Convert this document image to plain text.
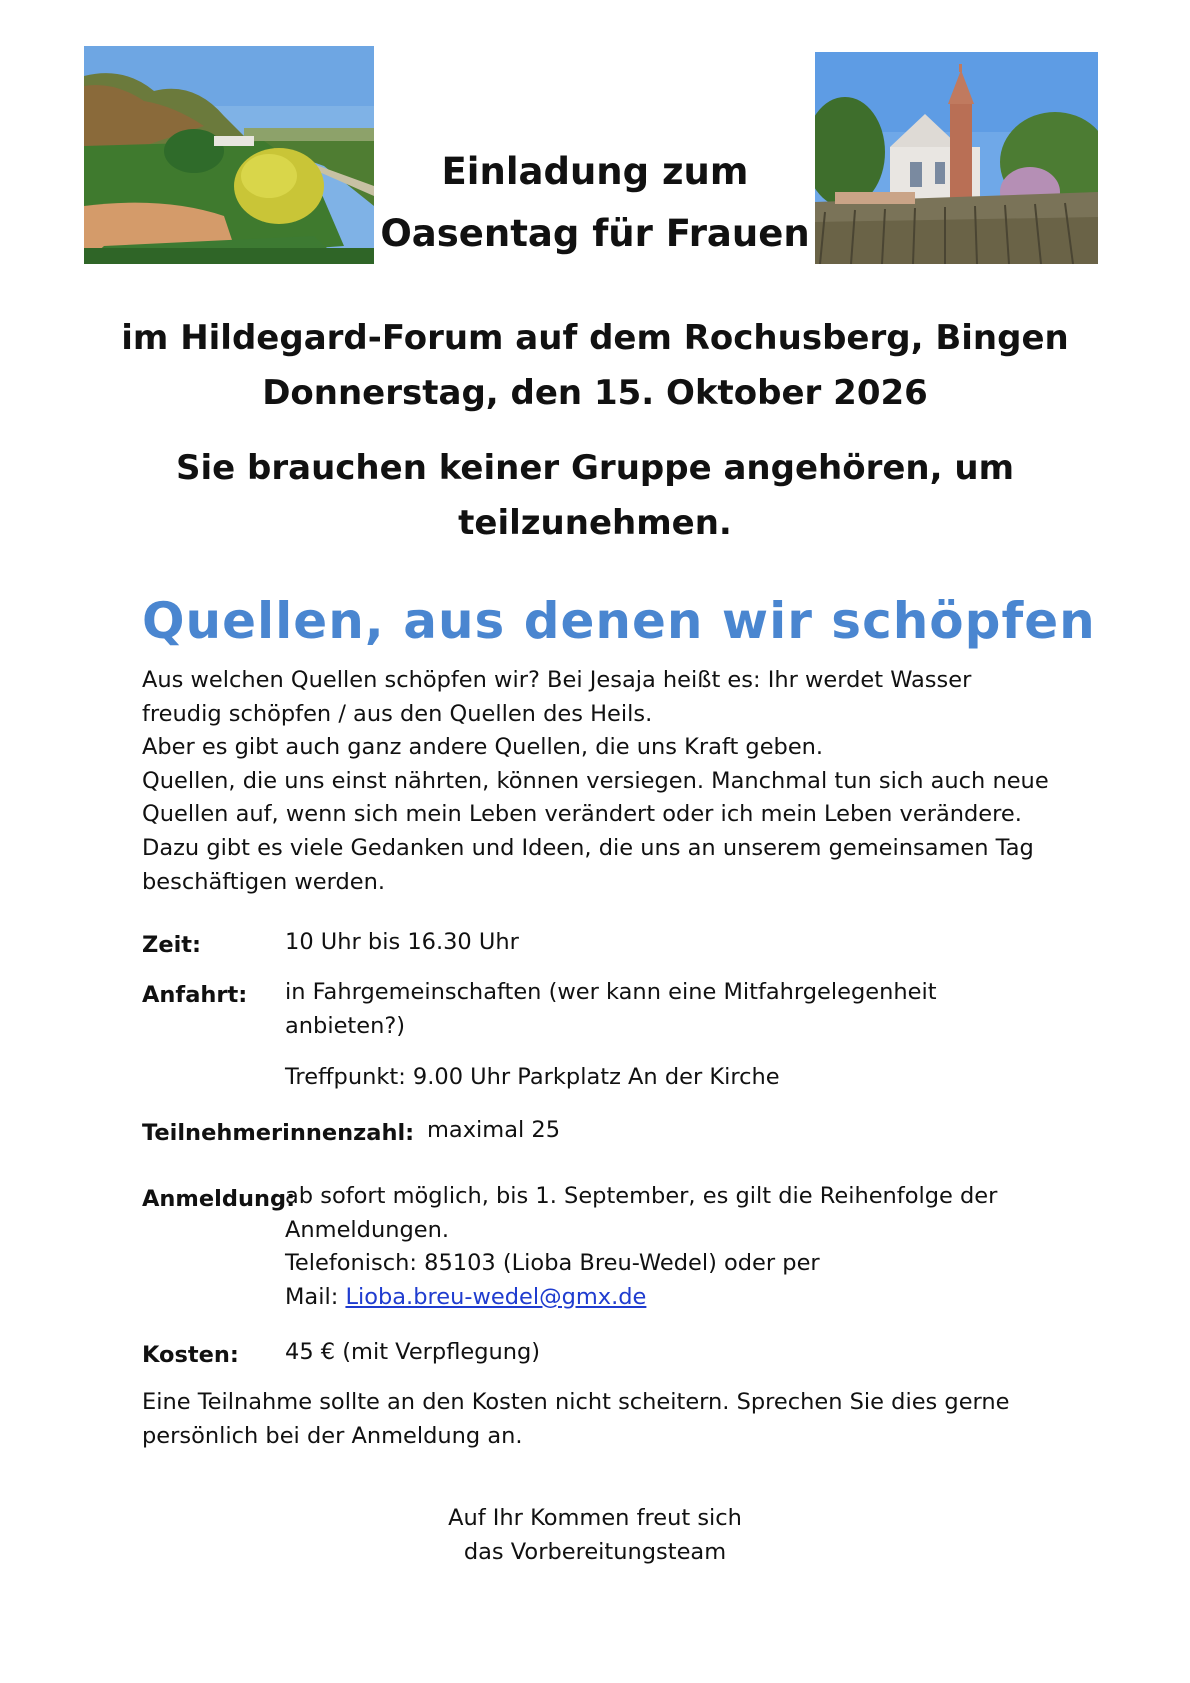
Einladung zum
Oasentag für Frauen
im Hildegard-Forum auf dem Rochusberg, Bingen
Donnerstag, den 15. Oktober 2026
Sie brauchen keiner Gruppe angehören, um
teilzunehmen.
Quellen, aus denen wir schöpfen
Aus welchen Quellen schöpfen wir? Bei Jesaja heißt es: Ihr werdet Wasser
freudig schöpfen / aus den Quellen des Heils.
Aber es gibt auch ganz andere Quellen, die uns Kraft geben.
Quellen, die uns einst nährten, können versiegen. Manchmal tun sich auch neue
Quellen auf, wenn sich mein Leben verändert oder ich mein Leben verändere.
Dazu gibt es viele Gedanken und Ideen, die uns an unserem gemeinsamen Tag
beschäftigen werden.
Zeit:	10 Uhr bis 16.30 Uhr
Anfahrt: in Fahrgemeinschaften (wer kann eine Mitfahrgelegenheit
anbieten?)
Treffpunkt: 9.00 Uhr Parkplatz An der Kirche
Teilnehmerinnenzahl: maximal 25
Anmeldung:
ab sofort möglich, bis 1. September, es gilt die Reihenfolge der
Anmeldungen.
Telefonisch: 85103 (Lioba Breu-Wedel) oder per
Mail: Lioba.breu-wedel@gmx.de
Kosten: 45 € (mit Verpflegung)
Eine Teilnahme sollte an den Kosten nicht scheitern. Sprechen Sie dies gerne
persönlich bei der Anmeldung an.
Auf Ihr Kommen freut sich
das Vorbereitungsteam
